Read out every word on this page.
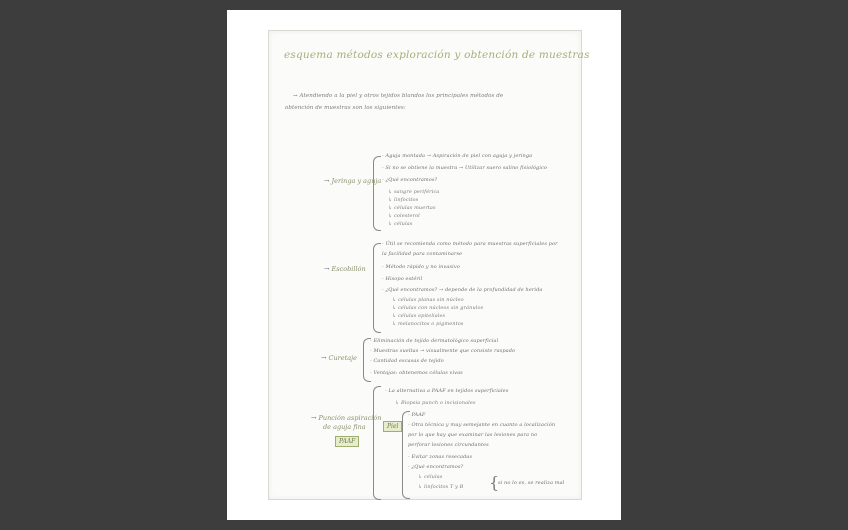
esquema métodos exploración y obtención de muestras
→ Atendiendo a la piel y otros tejidos blandos los principales métodos de
obtención de muestras son los siguientes:
→ Jeringa y aguja
- Aguja montada → Aspiración de piel con aguja y jeringa
- Si no se obtiene la muestra → Utilizar suero salino fisiológico
- ¿Qué encontramos?
↳ sangre periférica
↳ linfocitos
↳ células muertas
↳ colesterol
↳ células
→ Escobillón
- Útil se recomienda como método para muestras superficiales por
la facilidad para contaminarse
- Método rápido y no invasivo
- Hisopo estéril
- ¿Qué encontramos? → depende de la profundidad de herida
↳ células planas sin núcleo
↳ células con núcleos sin gránulos
↳ células epiteliales
↳ melanocitos o pigmentos
→ Curetaje
- Eliminación de tejido dermatológico superficial
- Muestras sueltas → visualmente que consiste raspado
- Cantidad escasas de tejido
- Ventajas: obtenemos células vivas
→ Punción aspiración
de aguja fina
PAAF
- La alternativa a PAAF en tejidos superficiales
↳ Biopsia punch o incisionales
Piel
- PAAF
- Otra técnica y muy semejante en cuanto a localización
por lo que hay que examinar las lesiones para no
perforar lesiones circundantes
- Evitar zonas resecadas
- ¿Qué encontramos?
↳ células
↳ linfocitos T y B {
si no lo es, se realiza mal
